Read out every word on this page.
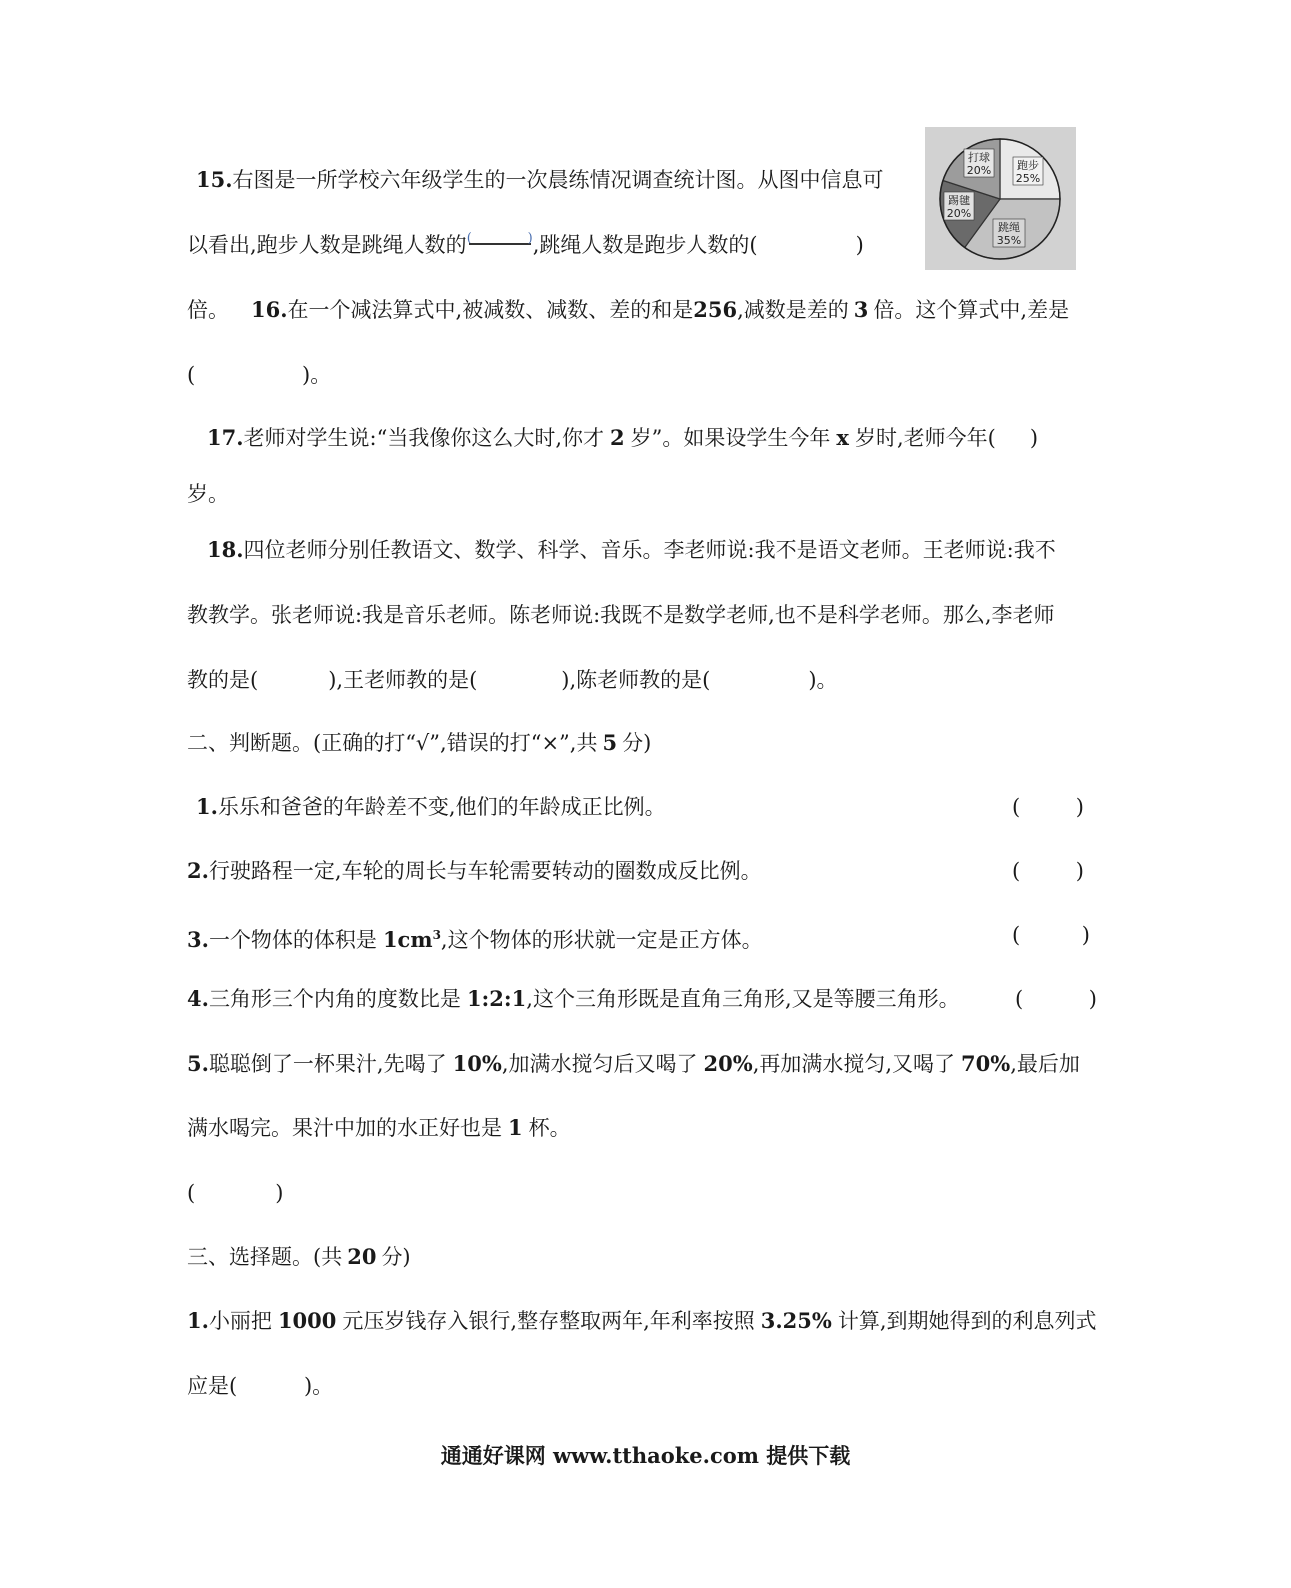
跑步
25%
跳绳
35%
踢毽
20%
打球
20%
15.右图是一所学校六年级学生的一次晨练情况调查统计图。从图中信息可
以看出,跑步人数是跳绳人数的 (	) ,跳绳人数是跑步人数的(	)
倍。 16.在一个减法算式中,被减数、减数、差的和是256,减数是差的 3 倍。这个算式中,差是
(                )。
17.老师对学生说:“当我像你这么大时,你才 2 岁”。如果设学生今年 x 岁时,老师今年( )
岁。
18.四位老师分别任教语文、数学、科学、音乐。李老师说:我不是语文老师。王老师说:我不
教教学。张老师说:我是音乐老师。陈老师说:我既不是数学老师,也不是科学老师。那么,李老师
教的是(	),王老师教的是(	),陈老师教的是(	)。
二、判断题。(正确的打“√”,错误的打“×”,共 5 分)
1.乐乐和爸爸的年龄差不变,他们的年龄成正比例。	(	)
2.行驶路程一定,车轮的周长与车轮需要转动的圈数成反比例。	(	)
3.一个物体的体积是 $1cm^3$,这个物体的形状就一定是正方体。	(	)
4.三角形三个内角的度数比是 1:2:1,这个三角形既是直角三角形,又是等腰三角形。	(	)
5.聪聪倒了一杯果汁,先喝了 10%,加满水搅匀后又喝了 20%,再加满水搅匀,又喝了 70%,最后加
满水喝完。果汁中加的水正好也是 1 杯。
(            )
三、选择题。(共 20 分)
1.小丽把 1000 元压岁钱存入银行,整存整取两年,年利率按照 3.25% 计算,到期她得到的利息列式
应是(          )。
通通好课网 www.tthaoke.com 提供下载
